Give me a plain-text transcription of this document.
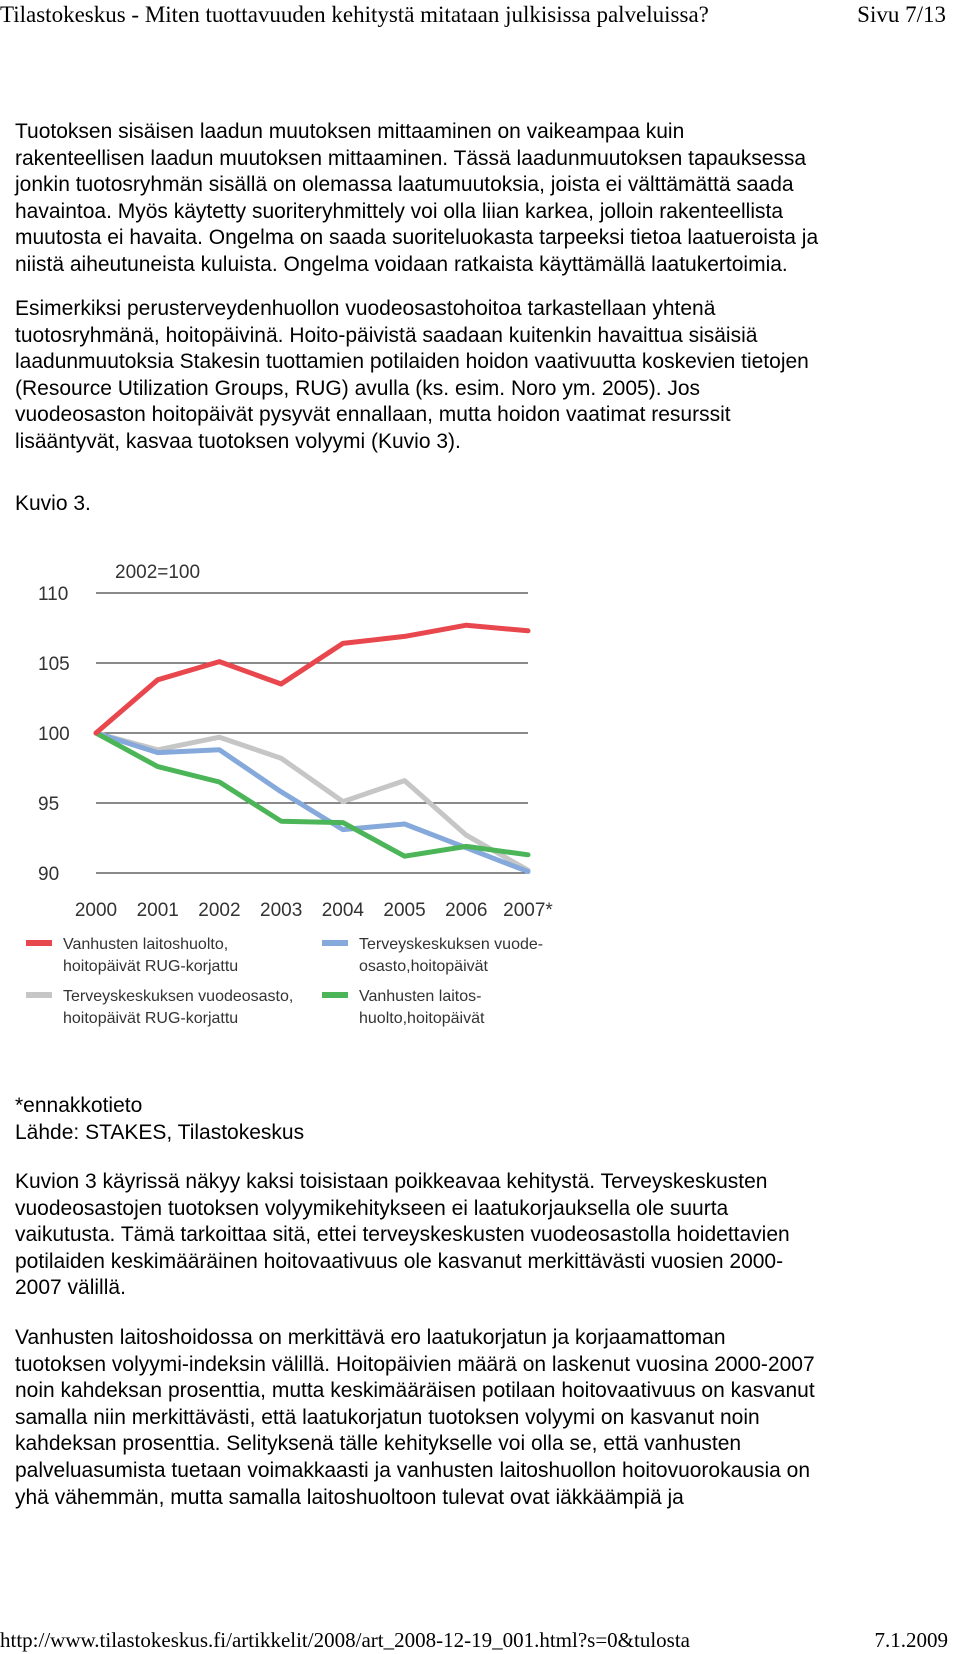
Tilastokeskus - Miten tuottavuuden kehitystä mitataan julkisissa palveluissa?	Sivu 7/13
Tuotoksen sisäisen laadun muutoksen mittaaminen on vaikeampaa kuin
rakenteellisen laadun muutoksen mittaaminen. Tässä laadunmuutoksen tapauksessa
jonkin tuotosryhmän sisällä on olemassa laatumuutoksia, joista ei välttämättä saada
havaintoa. Myös käytetty suoriteryhmittely voi olla liian karkea, jolloin rakenteellista
muutosta ei havaita. Ongelma on saada suoriteluokasta tarpeeksi tietoa laatueroista ja
niistä aiheutuneista kuluista. Ongelma voidaan ratkaista käyttämällä laatukertoimia.
Esimerkiksi perusterveydenhuollon vuodeosastohoitoa tarkastellaan yhtenä
tuotosryhmänä, hoitopäivinä. Hoito-päivistä saadaan kuitenkin havaittua sisäisiä
laadunmuutoksia Stakesin tuottamien potilaiden hoidon vaativuutta koskevien tietojen
(Resource Utilization Groups, RUG) avulla (ks. esim. Noro ym. 2005). Jos
vuodeosaston hoitopäivät pysyvät ennallaan, mutta hoidon vaatimat resurssit
lisääntyvät, kasvaa tuotoksen volyymi (Kuvio 3).
Kuvio 3.
2002=100
90
95
100
105
110
2000 2001 2002 2003 2004 2005 2006 2007*
Vanhusten laitoshuolto,
hoitopäivät RUG-korjattu
Terveyskeskuksen vuode-
osasto,hoitopäivät
Terveyskeskuksen vuodeosasto,
hoitopäivät RUG-korjattu
Vanhusten laitos-
huolto,hoitopäivät
*ennakkotieto
Lähde: STAKES, Tilastokeskus
Kuvion 3 käyrissä näkyy kaksi toisistaan poikkeavaa kehitystä. Terveyskeskusten
vuodeosastojen tuotoksen volyymikehitykseen ei laatukorjauksella ole suurta
vaikutusta. Tämä tarkoittaa sitä, ettei terveyskeskusten vuodeosastolla hoidettavien
potilaiden keskimääräinen hoitovaativuus ole kasvanut merkittävästi vuosien 2000-
2007 välillä.
Vanhusten laitoshoidossa on merkittävä ero laatukorjatun ja korjaamattoman
tuotoksen volyymi-indeksin välillä. Hoitopäivien määrä on laskenut vuosina 2000-2007
noin kahdeksan prosenttia, mutta keskimääräisen potilaan hoitovaativuus on kasvanut
samalla niin merkittävästi, että laatukorjatun tuotoksen volyymi on kasvanut noin
kahdeksan prosenttia. Selityksenä tälle kehitykselle voi olla se, että vanhusten
palveluasumista tuetaan voimakkaasti ja vanhusten laitoshuollon hoitovuorokausia on
yhä vähemmän, mutta samalla laitoshuoltoon tulevat ovat iäkkäämpiä ja
http://www.tilastokeskus.fi/artikkelit/2008/art_2008-12-19_001.html?s=0&tulosta	7.1.2009
